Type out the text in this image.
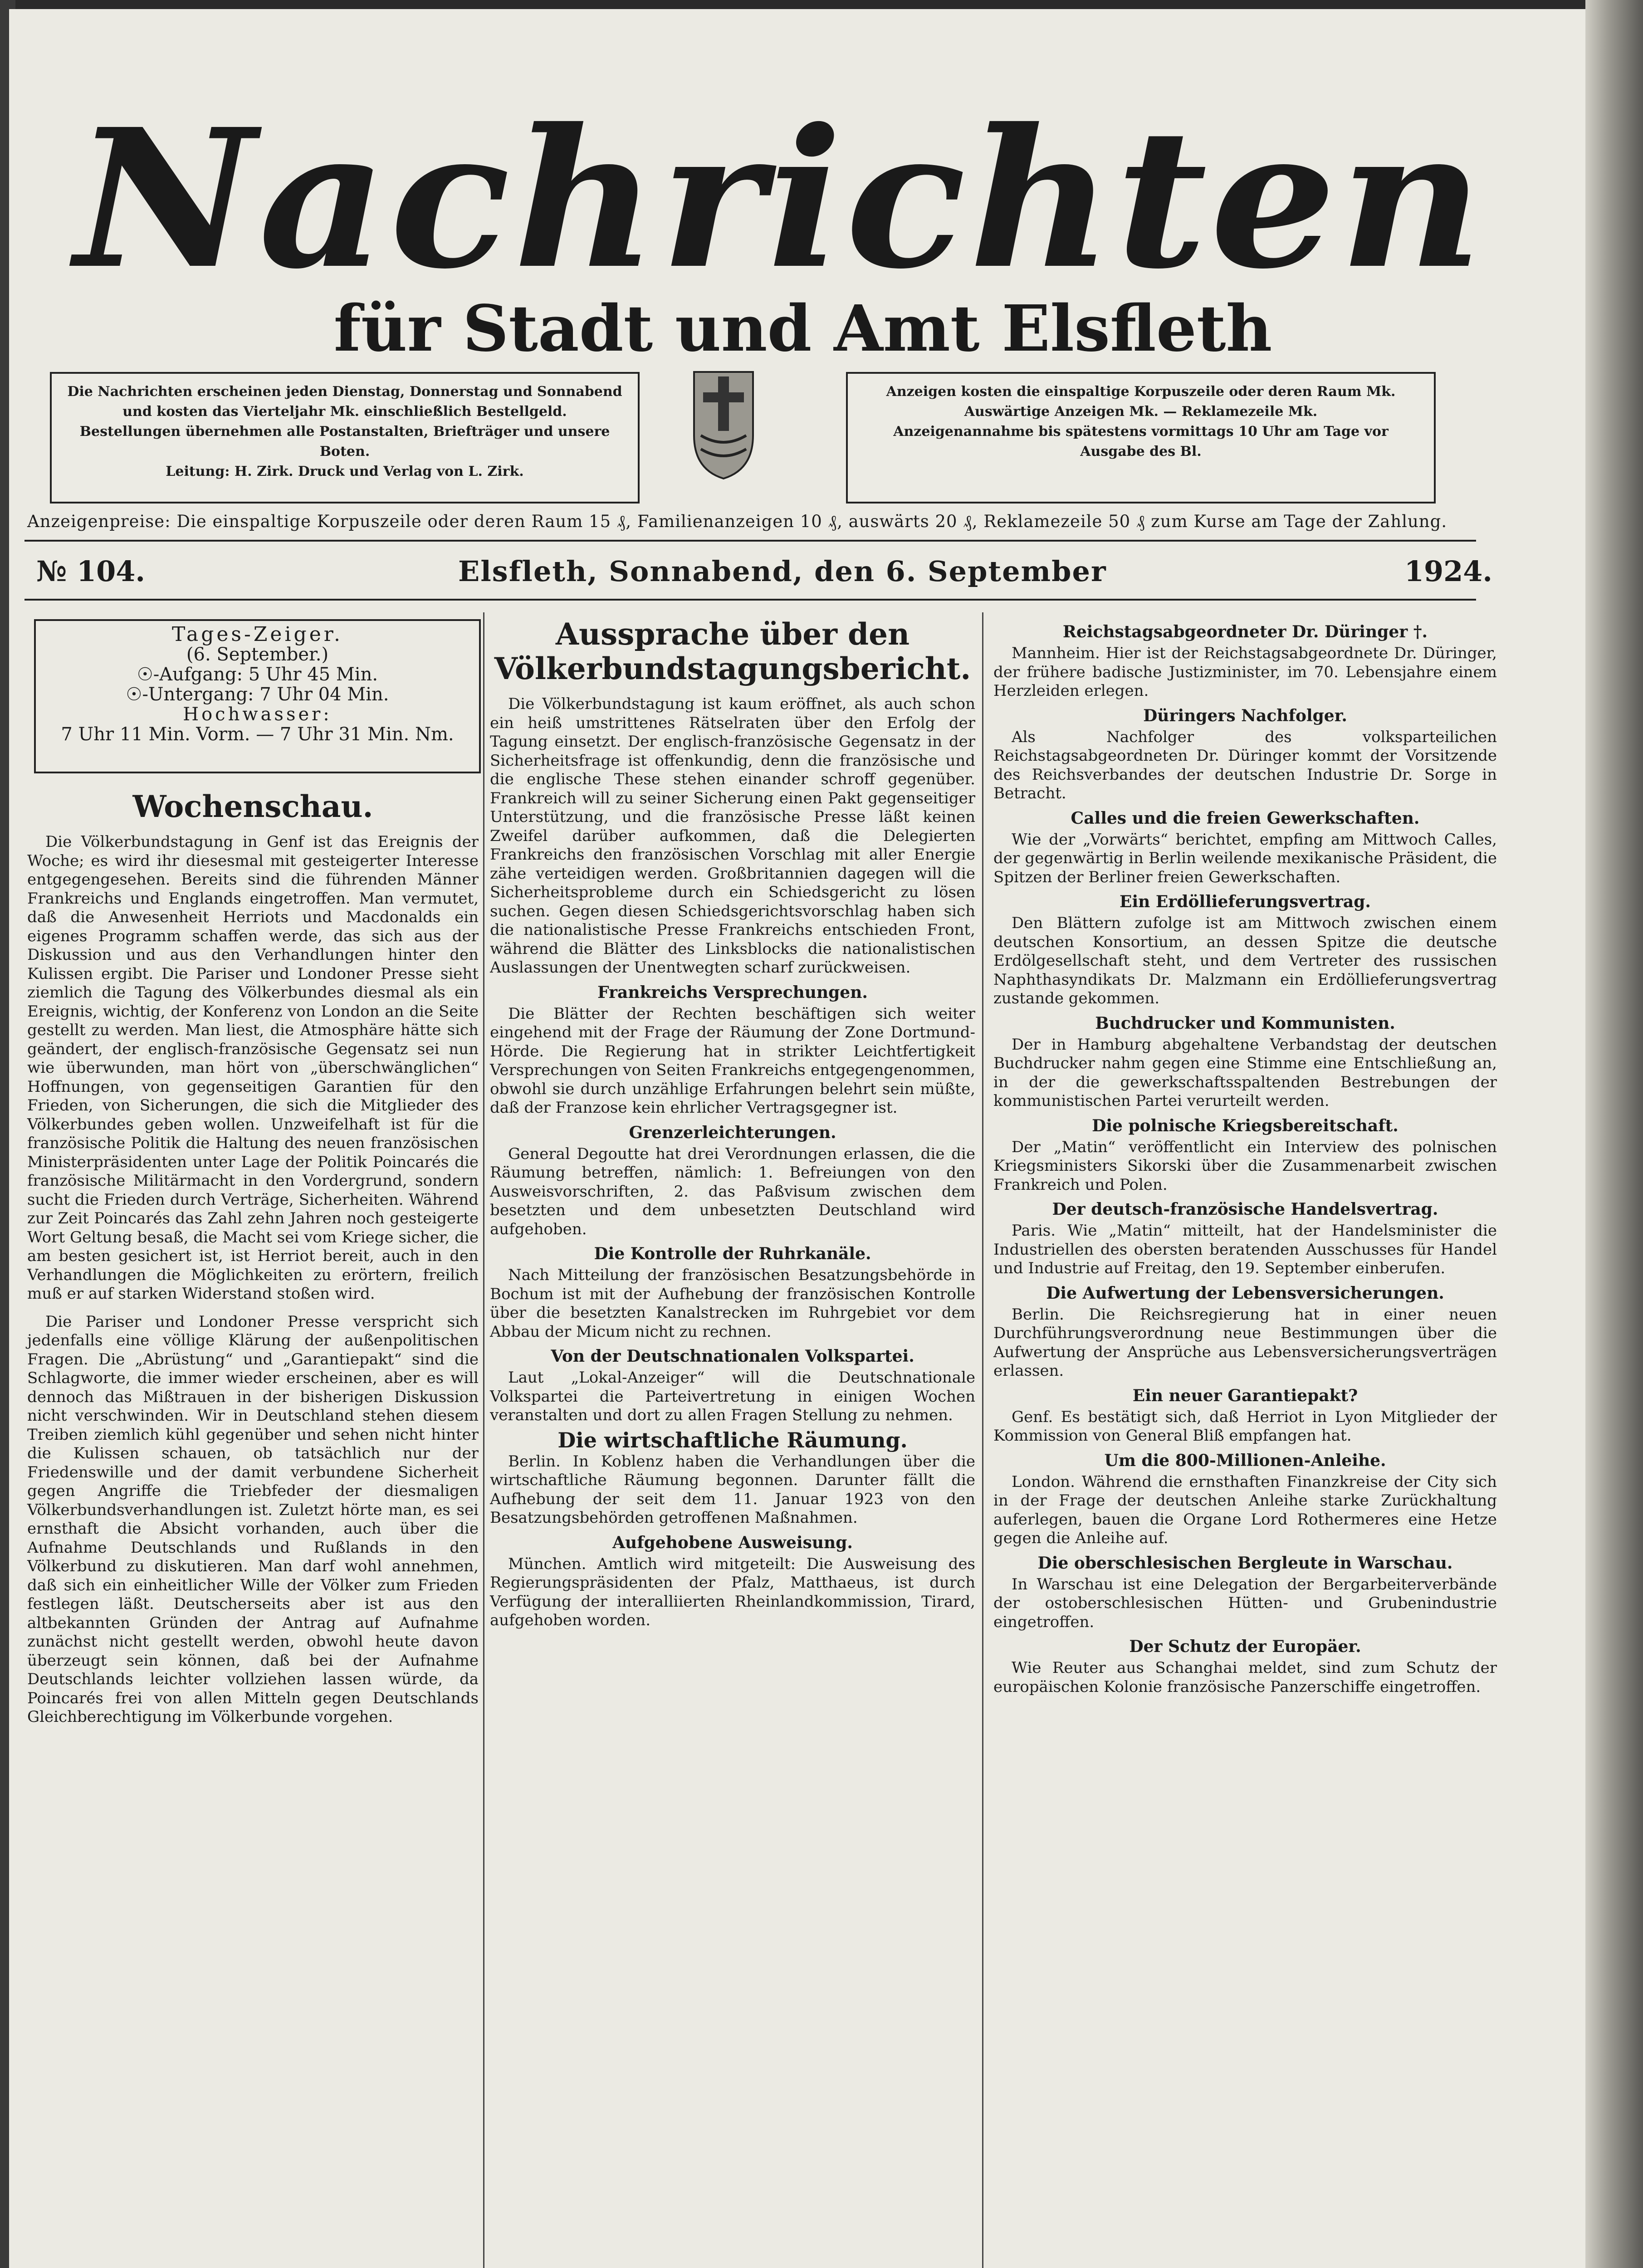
Nachrichten
für Stadt und Amt Elsfleth

Die Nachrichten erscheinen jeden Dienstag, Donnerstag und Sonnabend

und kosten das Vierteljahr Mk. einschließlich Bestellgeld.

Bestellungen übernehmen alle Postanstalten, Briefträger und unsere Boten.

Leitung: H. Zirk. Druck und Verlag von L. Zirk.

Anzeigen kosten die einspaltige Korpuszeile oder deren Raum Mk.

Auswärtige Anzeigen Mk. — Reklamezeile Mk.

Anzeigenannahme bis spätestens vormittags 10 Uhr am Tage vor

Ausgabe des Bl.

Anzeigenpreise: Die einspaltige Korpuszeile oder deren Raum 15 ₰, Familienanzeigen 10 ₰, auswärts 20 ₰, Reklamezeile 50 ₰ zum Kurse am Tage der Zahlung.
№ 104.	Elsfleth, Sonnabend, den 6. September	1924.
Tages-Zeiger.
(6. September.)
☉-Aufgang: 5 Uhr 45 Min.
☉-Untergang: 7 Uhr 04 Min.
Hochwasser:
7 Uhr 11 Min. Vorm. — 7 Uhr 31 Min. Nm.
Wochenschau.

Die Völkerbundstagung in Genf ist das Ereignis der Woche; es wird ihr diesesmal mit gesteigerter Interesse entgegengesehen. Bereits sind die führenden Männer Frankreichs und Englands eingetroffen. Man vermutet, daß die Anwesenheit Herriots und Macdonalds ein eigenes Programm schaffen werde, das sich aus der Diskussion und aus den Verhandlungen hinter den Kulissen ergibt. Die Pariser und Londoner Presse sieht ziemlich die Tagung des Völkerbundes diesmal als ein Ereignis, wichtig, der Konferenz von London an die Seite gestellt zu werden. Man liest, die Atmosphäre hätte sich geändert, der englisch-französische Gegensatz sei nun wie überwunden, man hört von „überschwänglichen“ Hoffnungen, von gegenseitigen Garantien für den Frieden, von Sicherungen, die sich die Mitglieder des Völkerbundes geben wollen. Unzweifelhaft ist für die französische Politik die Haltung des neuen französischen Ministerpräsidenten unter Lage der Politik Poincarés die französische Militärmacht in den Vordergrund, sondern sucht die Frieden durch Verträge, Sicherheiten. Während zur Zeit Poincarés das Zahl zehn Jahren noch gesteigerte Wort Geltung besaß, die Macht sei vom Kriege sicher, die am besten gesichert ist, ist Herriot bereit, auch in den Verhandlungen die Möglichkeiten zu erörtern, freilich muß er auf starken Widerstand stoßen wird.

Die Pariser und Londoner Presse verspricht sich jedenfalls eine völlige Klärung der außenpolitischen Fragen. Die „Abrüstung“ und „Garantiepakt“ sind die Schlagworte, die immer wieder erscheinen, aber es will dennoch das Mißtrauen in der bisherigen Diskussion nicht verschwinden. Wir in Deutschland stehen diesem Treiben ziemlich kühl gegenüber und sehen nicht hinter die Kulissen schauen, ob tatsächlich nur der Friedenswille und der damit verbundene Sicherheit gegen Angriffe die Triebfeder der diesmaligen Völkerbundsverhandlungen ist. Zuletzt hörte man, es sei ernsthaft die Absicht vorhanden, auch über die Aufnahme Deutschlands und Rußlands in den Völkerbund zu diskutieren. Man darf wohl annehmen, daß sich ein einheitlicher Wille der Völker zum Frieden festlegen läßt. Deutscherseits aber ist aus den altbekannten Gründen der Antrag auf Aufnahme zunächst nicht gestellt werden, obwohl heute davon überzeugt sein können, daß bei der Aufnahme Deutschlands leichter vollziehen lassen würde, da Poincarés frei von allen Mitteln gegen Deutschlands Gleichberechtigung im Völkerbunde vorgehen.

Aussprache über den
Völkerbundstagungsbericht.

Die Völkerbundstagung ist kaum eröffnet, als auch schon ein heiß umstrittenes Rätselraten über den Erfolg der Tagung einsetzt. Der englisch-französische Gegensatz in der Sicherheitsfrage ist offenkundig, denn die französische und die englische These stehen einander schroff gegenüber. Frankreich will zu seiner Sicherung einen Pakt gegenseitiger Unterstützung, und die französische Presse läßt keinen Zweifel darüber aufkommen, daß die Delegierten Frankreichs den französischen Vorschlag mit aller Energie zähe verteidigen werden. Großbritannien dagegen will die Sicherheitsprobleme durch ein Schiedsgericht zu lösen suchen. Gegen diesen Schiedsgerichtsvorschlag haben sich die nationalistische Presse Frankreichs entschieden Front, während die Blätter des Linksblocks die nationalistischen Auslassungen der Unentwegten scharf zurückweisen.

Frankreichs Versprechungen.

Die Blätter der Rechten beschäftigen sich weiter eingehend mit der Frage der Räumung der Zone Dortmund-Hörde. Die Regierung hat in strikter Leichtfertigkeit Versprechungen von Seiten Frankreichs entgegengenommen, obwohl sie durch unzählige Erfahrungen belehrt sein müßte, daß der Franzose kein ehrlicher Vertragsgegner ist.

Grenzerleichterungen.

General Degoutte hat drei Verordnungen erlassen, die die Räumung betreffen, nämlich: 1. Befreiungen von den Ausweisvorschriften, 2. das Paßvisum zwischen dem besetzten und dem unbesetzten Deutschland wird aufgehoben.

Die Kontrolle der Ruhrkanäle.

Nach Mitteilung der französischen Besatzungsbehörde in Bochum ist mit der Aufhebung der französischen Kontrolle über die besetzten Kanalstrecken im Ruhrgebiet vor dem Abbau der Micum nicht zu rechnen.

Von der Deutschnationalen Volkspartei.

Laut „Lokal-Anzeiger“ will die Deutschnationale Volkspartei die Parteivertretung in einigen Wochen veranstalten und dort zu allen Fragen Stellung zu nehmen.

Die wirtschaftliche Räumung.

Berlin. In Koblenz haben die Verhandlungen über die wirtschaftliche Räumung begonnen. Darunter fällt die Aufhebung der seit dem 11. Januar 1923 von den Besatzungsbehörden getroffenen Maßnahmen.

Aufgehobene Ausweisung.

München. Amtlich wird mitgeteilt: Die Ausweisung des Regierungspräsidenten der Pfalz, Matthaeus, ist durch Verfügung der interalliierten Rheinlandkommission, Tirard, aufgehoben worden.

Reichstagsabgeordneter Dr. Düringer †.

Mannheim. Hier ist der Reichstagsabgeordnete Dr. Düringer, der frühere badische Justizminister, im 70. Lebensjahre einem Herzleiden erlegen.

Düringers Nachfolger.

Als Nachfolger des volksparteilichen Reichstagsabgeordneten Dr. Düringer kommt der Vorsitzende des Reichsverbandes der deutschen Industrie Dr. Sorge in Betracht.

Calles und die freien Gewerkschaften.

Wie der „Vorwärts“ berichtet, empfing am Mittwoch Calles, der gegenwärtig in Berlin weilende mexikanische Präsident, die Spitzen der Berliner freien Gewerkschaften.

Ein Erdöllieferungsvertrag.

Den Blättern zufolge ist am Mittwoch zwischen einem deutschen Konsortium, an dessen Spitze die deutsche Erdölgesellschaft steht, und dem Vertreter des russischen Naphthasyndikats Dr. Malzmann ein Erdöllieferungsvertrag zustande gekommen.

Buchdrucker und Kommunisten.

Der in Hamburg abgehaltene Verbandstag der deutschen Buchdrucker nahm gegen eine Stimme eine Entschließung an, in der die gewerkschaftsspaltenden Bestrebungen der kommunistischen Partei verurteilt werden.

Die polnische Kriegsbereitschaft.

Der „Matin“ veröffentlicht ein Interview des polnischen Kriegsministers Sikorski über die Zusammenarbeit zwischen Frankreich und Polen.

Der deutsch-französische Handelsvertrag.

Paris. Wie „Matin“ mitteilt, hat der Handelsminister die Industriellen des obersten beratenden Ausschusses für Handel und Industrie auf Freitag, den 19. September einberufen.

Die Aufwertung der Lebensversicherungen.

Berlin. Die Reichsregierung hat in einer neuen Durchführungsverordnung neue Bestimmungen über die Aufwertung der Ansprüche aus Lebensversicherungsverträgen erlassen.

Ein neuer Garantiepakt?

Genf. Es bestätigt sich, daß Herriot in Lyon Mitglieder der Kommission von General Bliß empfangen hat.

Um die 800-Millionen-Anleihe.

London. Während die ernsthaften Finanzkreise der City sich in der Frage der deutschen Anleihe starke Zurückhaltung auferlegen, bauen die Organe Lord Rothermeres eine Hetze gegen die Anleihe auf.

Die oberschlesischen Bergleute in Warschau.

In Warschau ist eine Delegation der Bergarbeiterverbände der ostoberschlesischen Hütten- und Grubenindustrie eingetroffen.

Der Schutz der Europäer.

Wie Reuter aus Schanghai meldet, sind zum Schutz der europäischen Kolonie französische Panzerschiffe eingetroffen.
